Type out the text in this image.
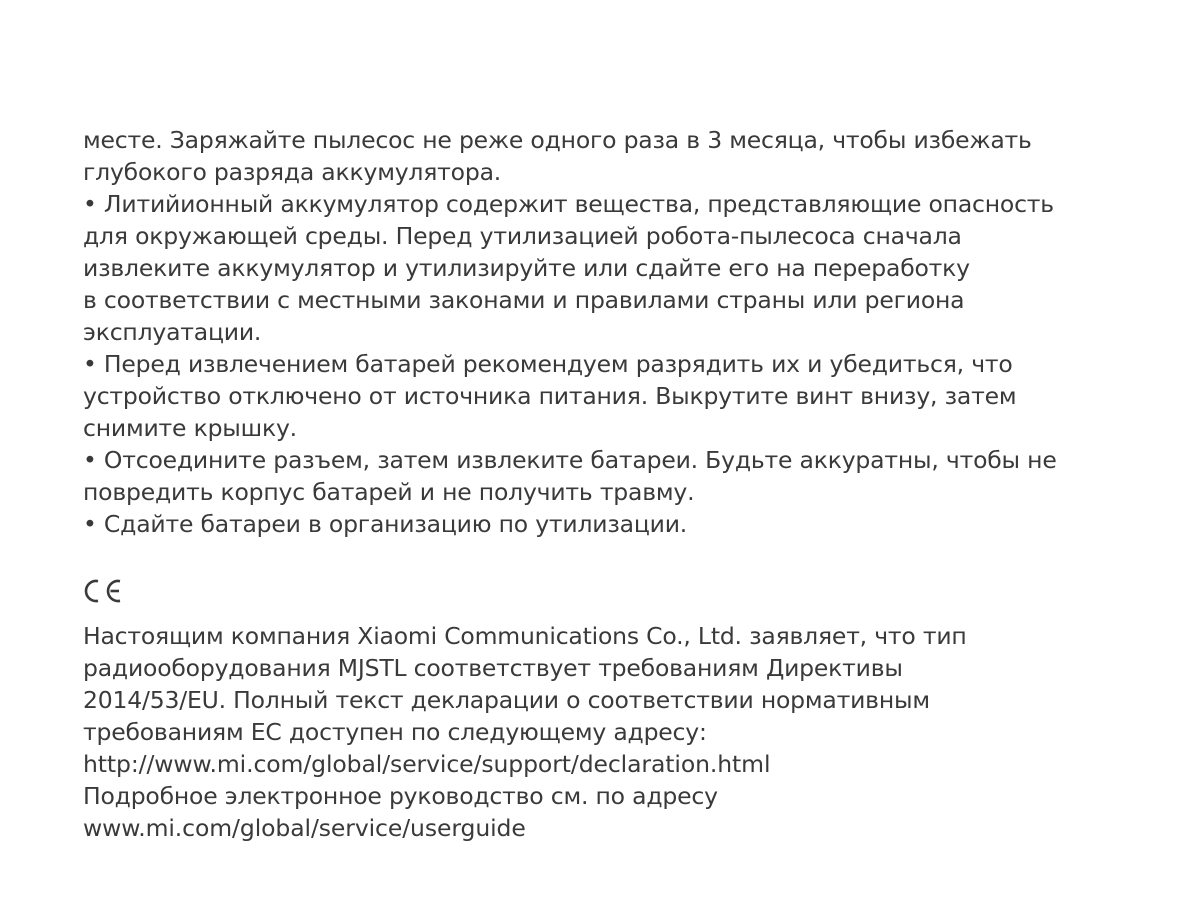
месте. Заряжайте пылесос не реже одного раза в 3 месяца, чтобы избежать
глубокого разряда аккумулятора.
• Литийионный аккумулятор содержит вещества, представляющие опасность
для окружающей среды. Перед утилизацией робота-пылесоса сначала
извлеките аккумулятор и утилизируйте или сдайте его на переработку
в соответствии с местными законами и правилами страны или региона
эксплуатации.
• Перед извлечением батарей рекомендуем разрядить их и убедиться, что
устройство отключено от источника питания. Выкрутите винт внизу, затем
снимите крышку.
• Отсоедините разъем, затем извлеките батареи. Будьте аккуратны, чтобы не
повредить корпус батарей и не получить травму.
• Сдайте батареи в организацию по утилизации.
Настоящим компания Xiaomi Communications Co., Ltd. заявляет, что тип
радиооборудования MJSTL соответствует требованиям Директивы
2014/53/EU. Полный текст декларации о соответствии нормативным
требованиям ЕС доступен по следующему адресу:
http://www.mi.com/global/service/support/declaration.html
Подробное электронное руководство см. по адресу
www.mi.com/global/service/userguide
